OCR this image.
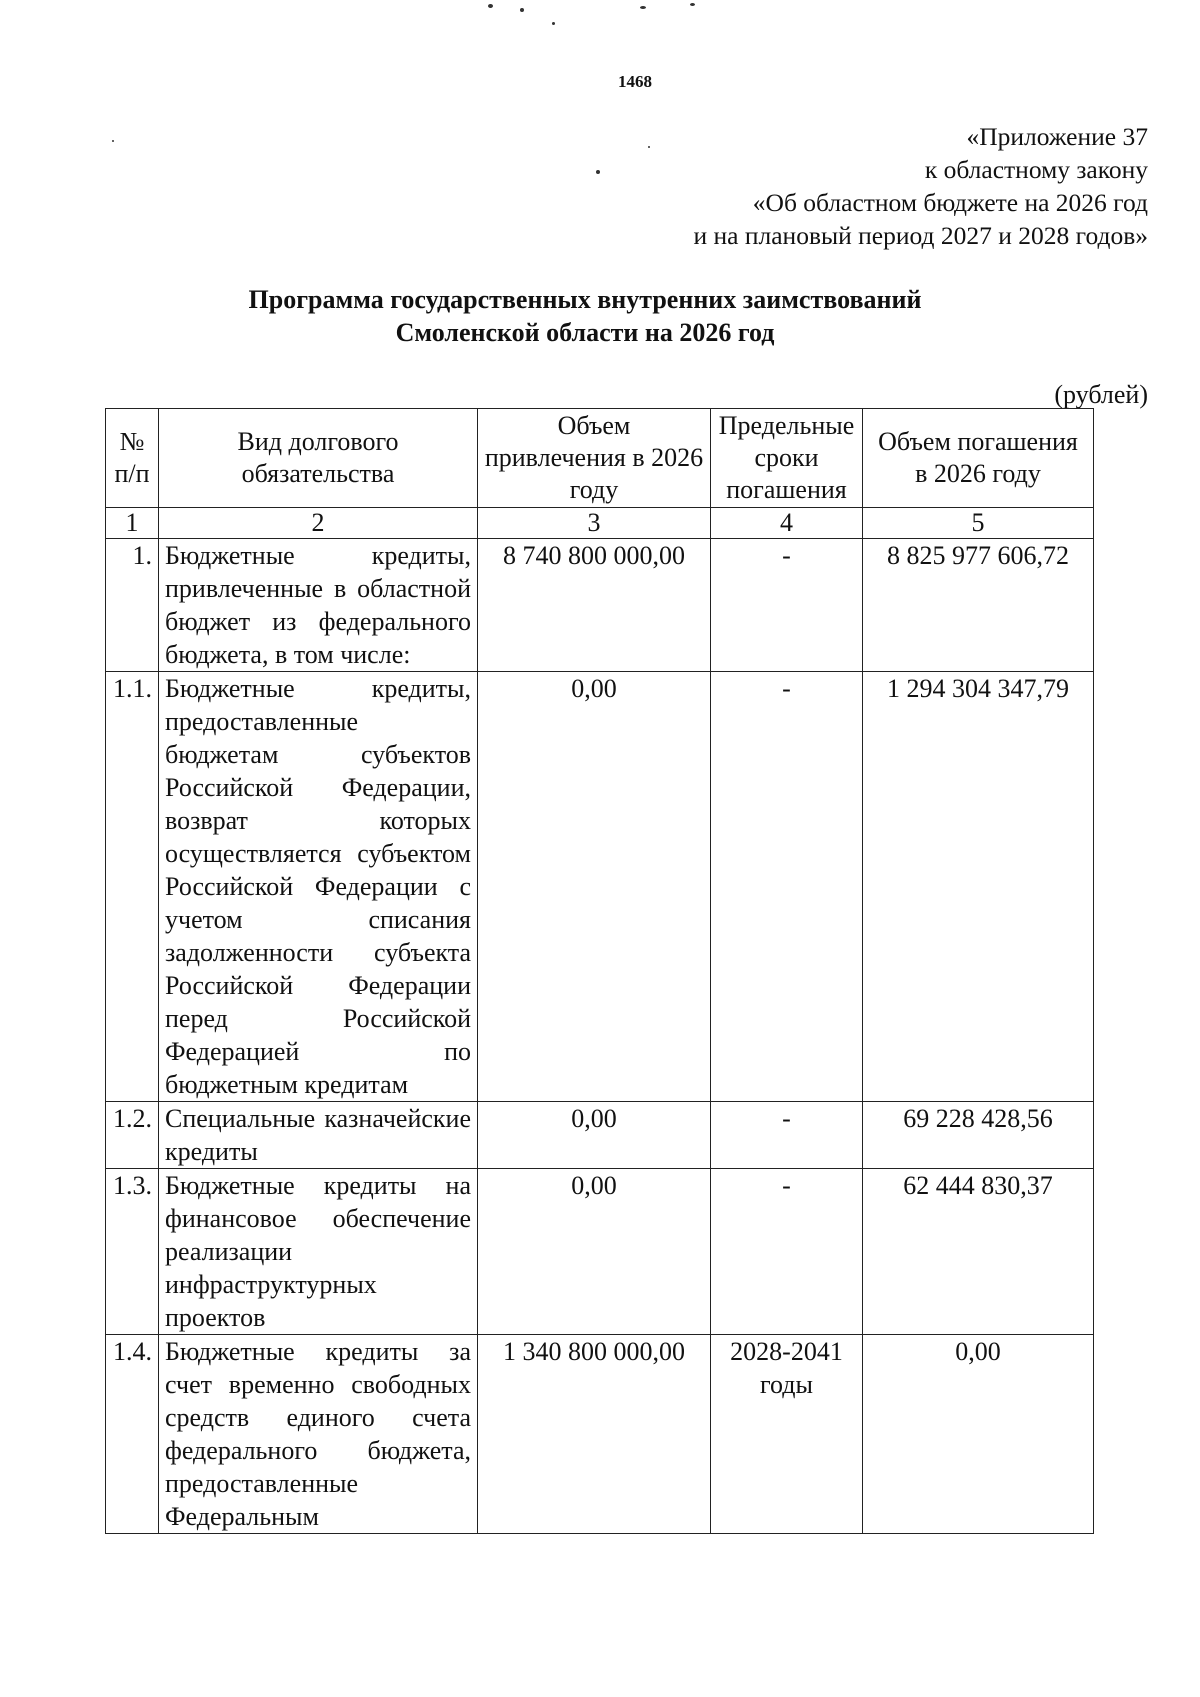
1468
«Приложение 37
к областному закону
«Об областном бюджете на 2026 год
и на плановый период 2027 и 2028 годов»
Программа государственных внутренних заимствований
Смоленской области на 2026 год
(рублей)
№ п/п	Вид долгового обязательства	Объем привлечения в 2026 году	Предельные сроки погашения	Объем погашения в 2026 году
1	2	3	4	5
1.	Бюджетные кредиты, привлеченные в областной бюджет из федерального бюджета, в том числе:	8 740 800 000,00	-	8 825 977 606,72
1.1.	Бюджетные кредиты, предоставленные бюджетам субъектов Российской Федерации, возврат которых осуществляется субъектом Российской Федерации с учетом списания задолженности субъекта Российской Федерации перед Российской Федерацией по бюджетным кредитам	0,00	-	1 294 304 347,79
1.2.	Специальные казначейские кредиты	0,00	-	69 228 428,56
1.3.	Бюджетные кредиты на финансовое обеспечение реализации инфраструктурных проектов	0,00	-	62 444 830,37
1.4.	Бюджетные кредиты за счет временно свободных средств единого счета федерального бюджета, предоставленные Федеральным	1 340 800 000,00	2028-2041 годы	0,00
